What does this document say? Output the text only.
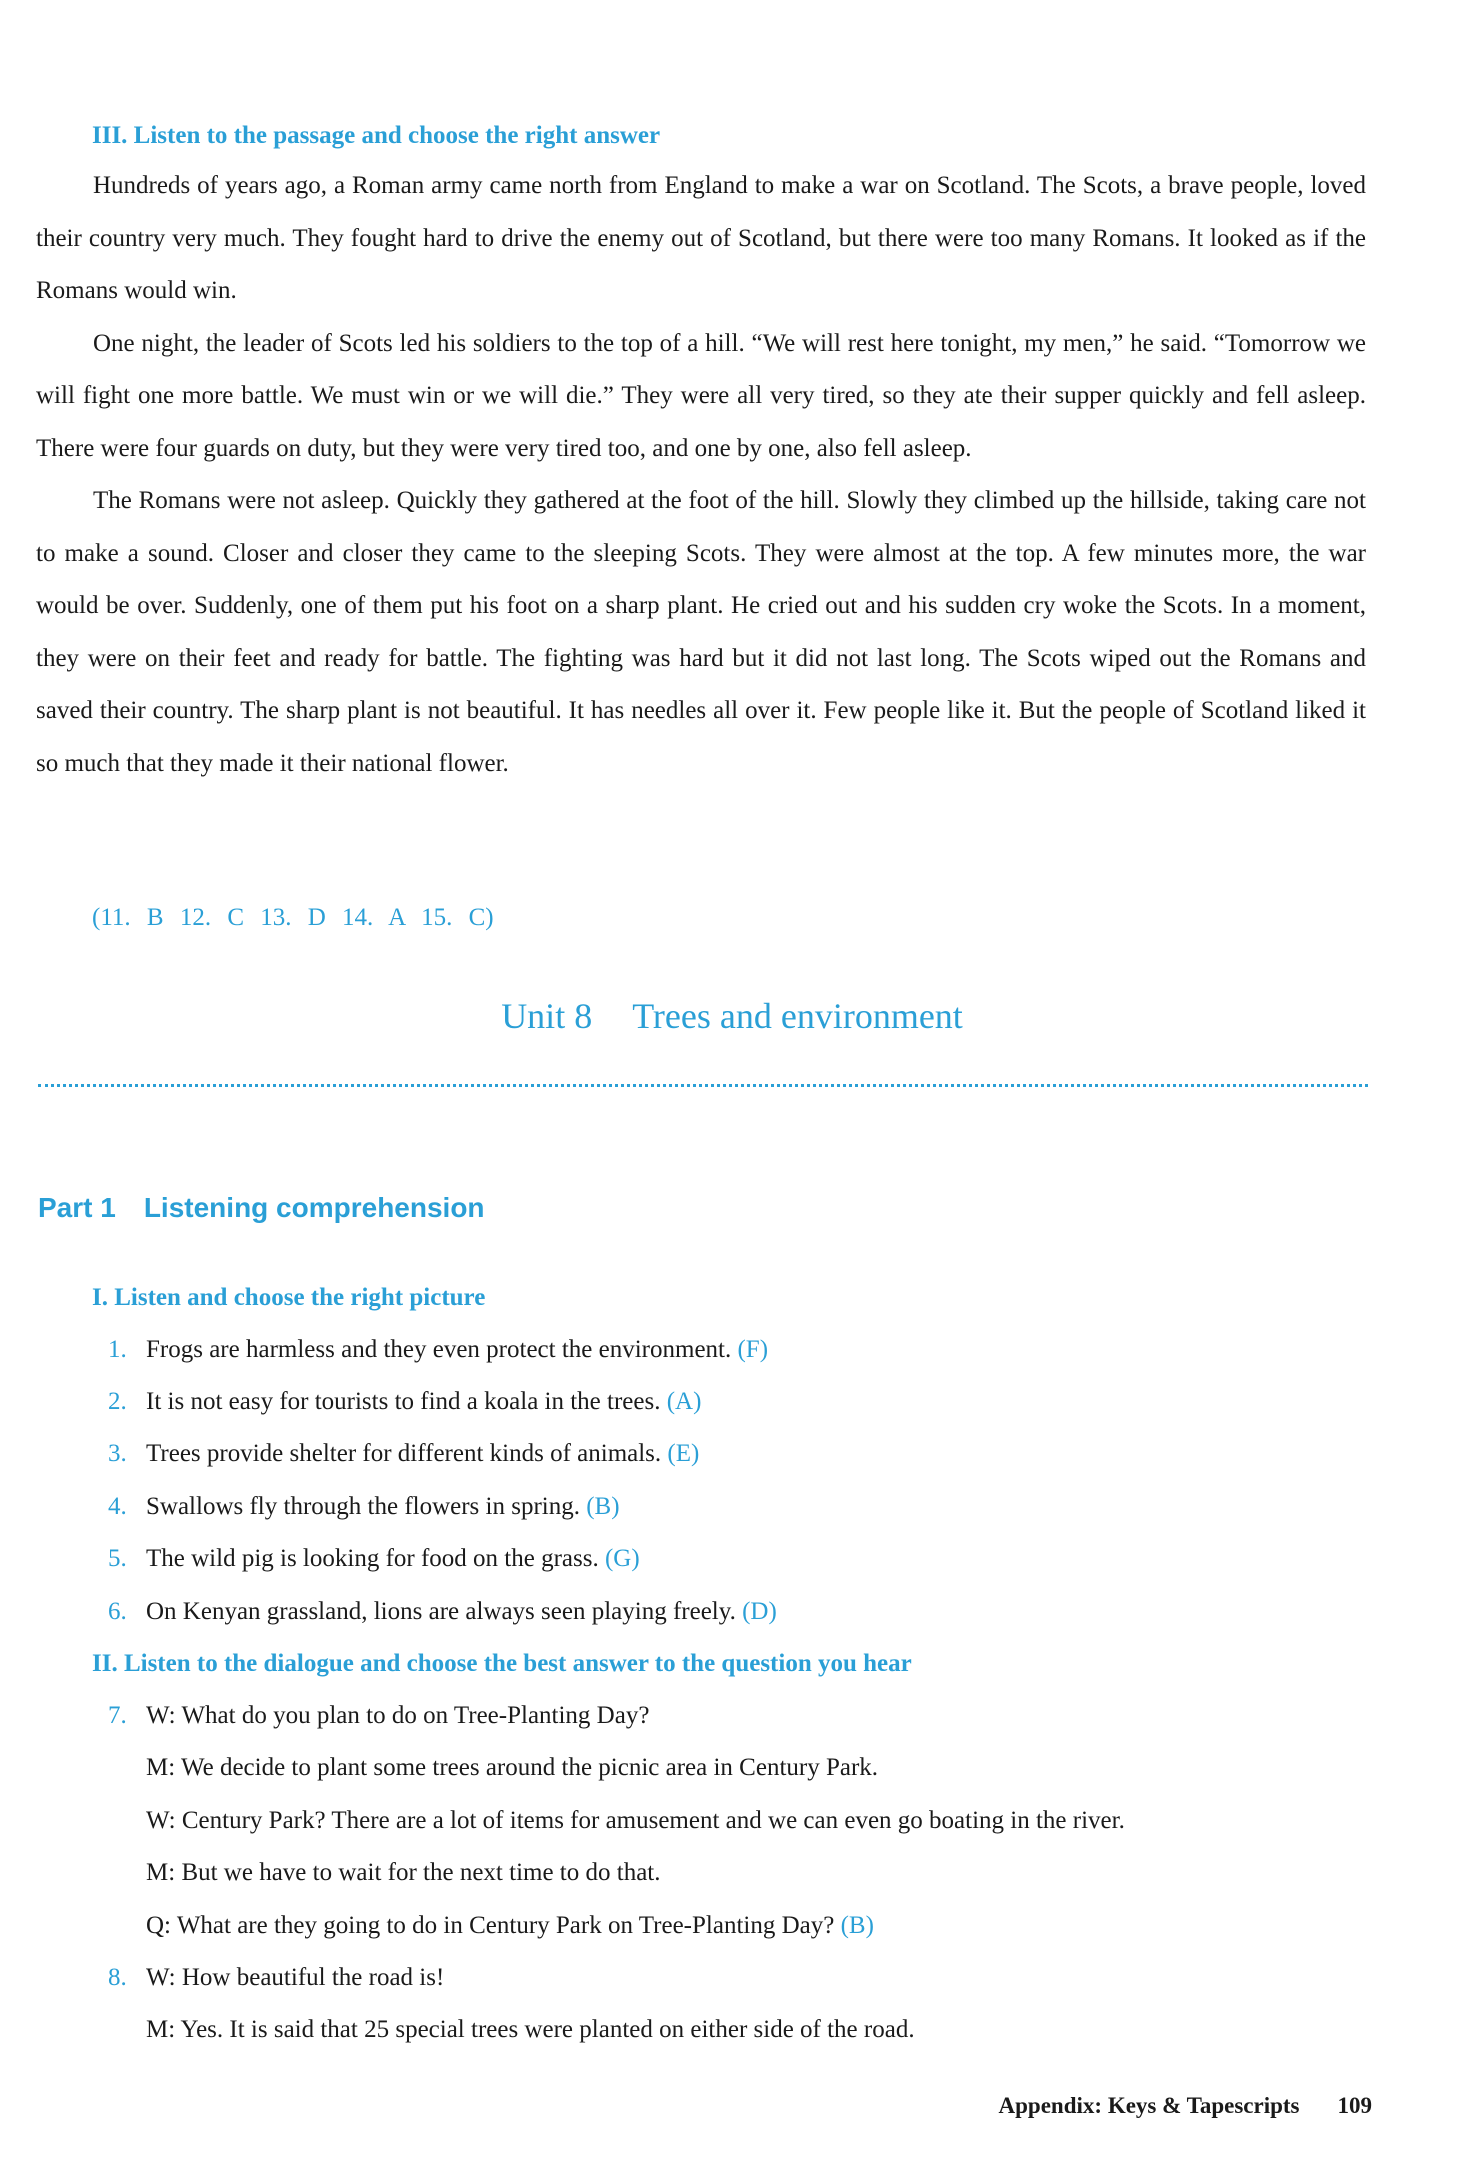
III. Listen to the passage and choose the right answer

Hundreds of years ago, a Roman army came north from England to make a war on Scotland. The Scots, a brave people, loved their country very much. They fought hard to drive the enemy out of Scotland, but there were too many Romans. It looked as if the Romans would win.

One night, the leader of Scots led his soldiers to the top of a hill. “We will rest here tonight, my men,” he said. “Tomorrow we will fight one more battle. We must win or we will die.” They were all very tired, so they ate their supper quickly and fell asleep. There were four guards on duty, but they were very tired too, and one by one, also fell asleep.

The Romans were not asleep. Quickly they gathered at the foot of the hill. Slowly they climbed up the hillside, taking care not to make a sound. Closer and closer they came to the sleeping Scots. They were almost at the top. A few minutes more, the war would be over. Suddenly, one of them put his foot on a sharp plant. He cried out and his sudden cry woke the Scots. In a moment, they were on their feet and ready for battle. The fighting was hard but it did not last long. The Scots wiped out the Romans and saved their country. The sharp plant is not beautiful. It has needles all over it. Few people like it. But the people of Scotland liked it so much that they made it their national flower.

(11. B 12. C 13. D 14. A 15. C)
Unit 8 Trees and environment
Part 1 Listening comprehension
I. Listen and choose the right picture
1. Frogs are harmless and they even protect the environment. (F)
2. It is not easy for tourists to find a koala in the trees. (A)
3. Trees provide shelter for different kinds of animals. (E)
4. Swallows fly through the flowers in spring. (B)
5. The wild pig is looking for food on the grass. (G)
6. On Kenyan grassland, lions are always seen playing freely. (D)
II. Listen to the dialogue and choose the best answer to the question you hear
7. W: What do you plan to do on Tree-Planting Day?
M: We decide to plant some trees around the picnic area in Century Park.
W: Century Park? There are a lot of items for amusement and we can even go boating in the river.
M: But we have to wait for the next time to do that.
Q: What are they going to do in Century Park on Tree-Planting Day? (B)
8. W: How beautiful the road is!
M: Yes. It is said that 25 special trees were planted on either side of the road.
Appendix: Keys & Tapescripts 109
